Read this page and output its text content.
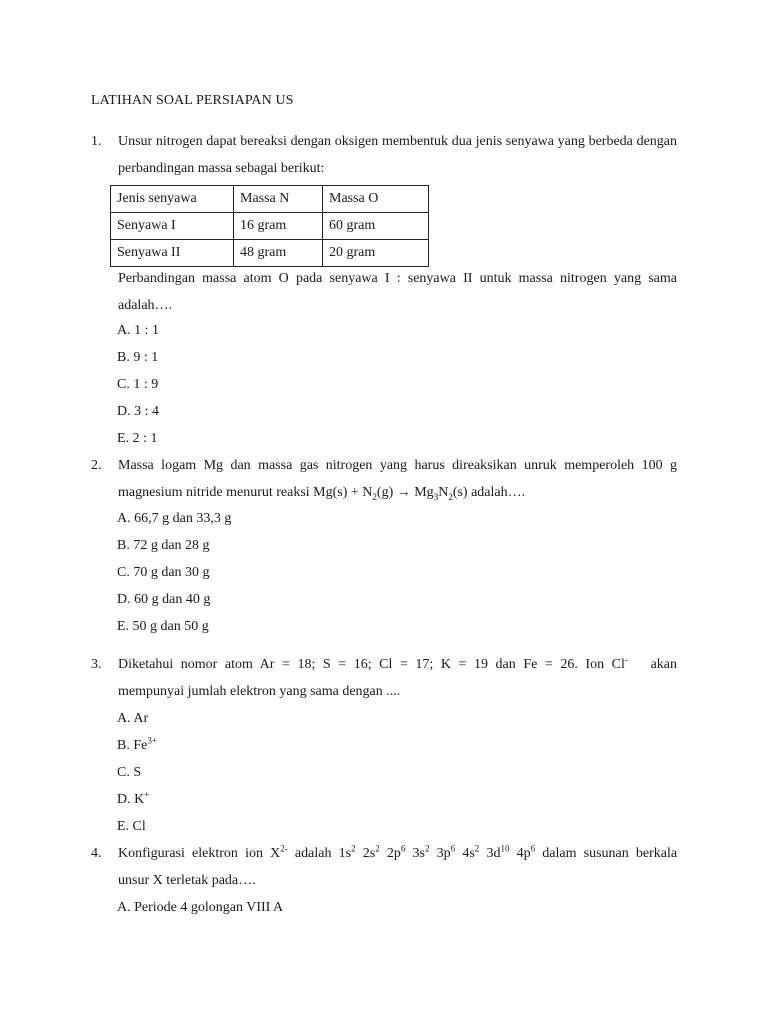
LATIHAN SOAL PERSIAPAN US
1. Unsur nitrogen dapat bereaksi dengan oksigen membentuk dua jenis senyawa yang berbeda dengan perbandingan massa sebagai berikut:
Jenis senyawa	Massa N	Massa O
Senyawa I	16 gram	60 gram
Senyawa II	48 gram	20 gram
Perbandingan massa atom O pada senyawa I : senyawa II untuk massa nitrogen yang sama adalah….
A. 1 : 1
B. 9 : 1
C. 1 : 9
D. 3 : 4
E. 2 : 1
2. Massa logam Mg dan massa gas nitrogen yang harus direaksikan unruk memperoleh 100 g
magnesium nitride menurut reaksi $Mg(s) + N_2(g) \to Mg_3N_2(s)$ adalah….
A. 66,7 g dan 33,3 g
B. 72 g dan 28 g
C. 70 g dan 30 g
D. 60 g dan 40 g
E. 50 g dan 50 g
3. Diketahui nomor atom Ar = 18; S = 16; Cl = 17; K = 19 dan Fe = 26. Ion Cl- akan
mempunyai jumlah elektron yang sama dengan ....
A. Ar
B. $Fe^{3+}$
C. S
D. K+
E. Cl
4. Konfigurasi elektron ion $X^{2-}$ adalah $1s^2$ $2s^2$ $2p^6$ $3s^2$ $3p^6$ $4s^2$ $3d^{10}$ $4p^6$ dalam susunan berkala
unsur X terletak pada….
A. Periode 4 golongan VIII A
